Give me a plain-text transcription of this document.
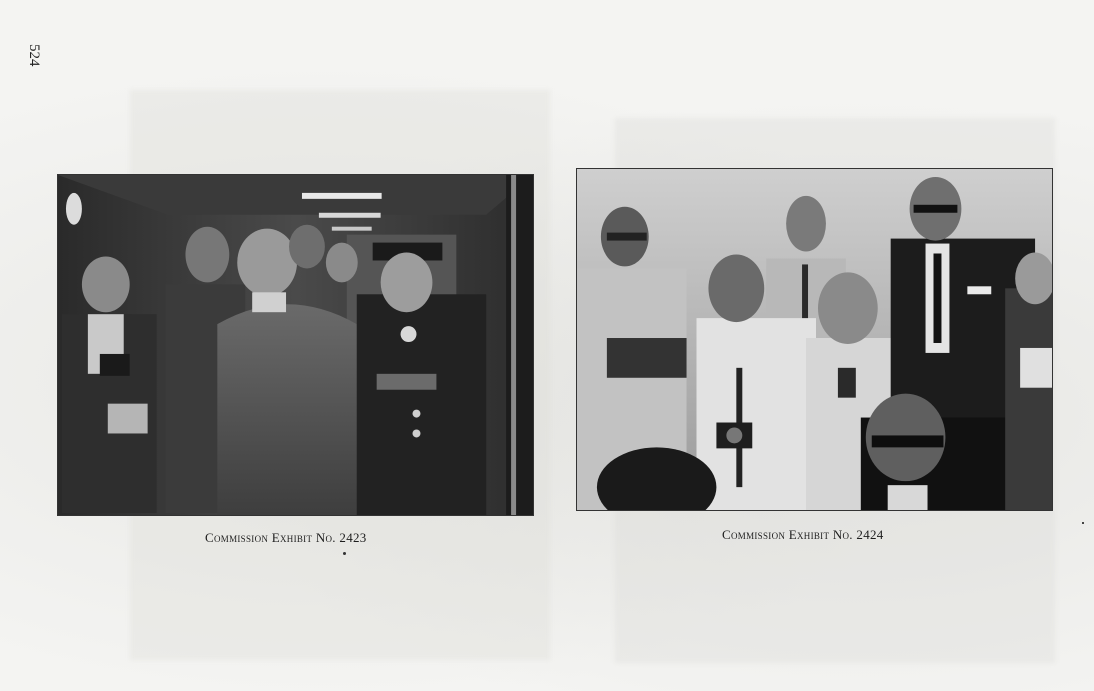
524
Commission Exhibit No. 2423	Commission Exhibit No. 2424
